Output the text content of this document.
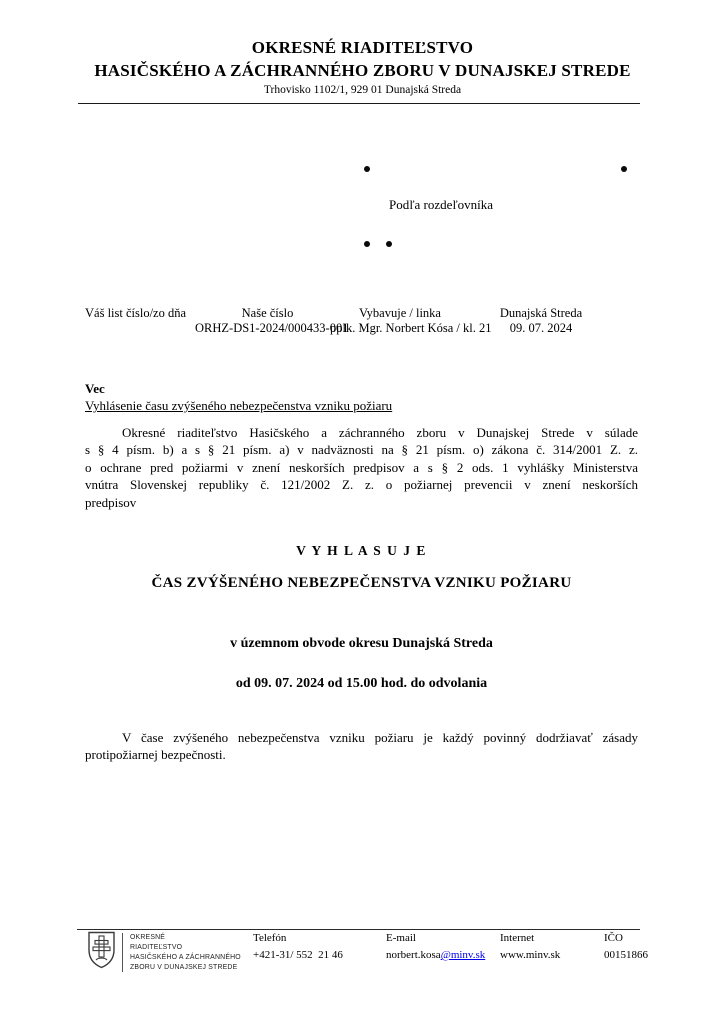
OKRESNÉ RIADITEĽSTVO
HASIČSKÉHO A ZÁCHRANNÉHO ZBORU V DUNAJSKEJ STREDE
Trhovisko 1102/1, 929 01 Dunajská Streda
Podľa rozdeľovníka
Váš list číslo/zo dňa	Naše číslo
ORHZ-DS1-2024/000433-001
Vybavuje / linka
pplk. Mgr. Norbert Kósa / kl. 21
Dunajská Streda
09. 07. 2024
Vec
Vyhlásenie času zvýšeného nebezpečenstva vzniku požiaru
Okresné riaditeľstvo Hasičského a záchranného zboru v Dunajskej Strede v súlade
s § 4 písm. b) a s § 21 písm. a) v nadväznosti na § 21 písm. o) zákona č. 314/2001 Z. z.
o ochrane pred požiarmi v znení neskorších predpisov a s § 2 ods. 1 vyhlášky Ministerstva
vnútra Slovenskej republiky č. 121/2002 Z. z. o požiarnej prevencii v znení neskorších
predpisov
V Y H L A S U J E
ČAS ZVÝŠENÉHO NEBEZPEČENSTVA VZNIKU POŽIARU
v územnom obvode okresu Dunajská Streda
od 09. 07. 2024 od 15.00 hod. do odvolania
V čase zvýšeného nebezpečenstva vzniku požiaru je každý povinný dodržiavať zásady
protipožiarnej bezpečnosti.
OKRESNÉ
RIADITEĽSTVO
HASIČSKÉHO A ZÁCHRANNÉHO
ZBORU V DUNAJSKEJ STREDE
Telefón
+421-31/ 552  21 46
E-mail
norbert.kosa@minv.sk
Internet
www.minv.sk
IČO
00151866
